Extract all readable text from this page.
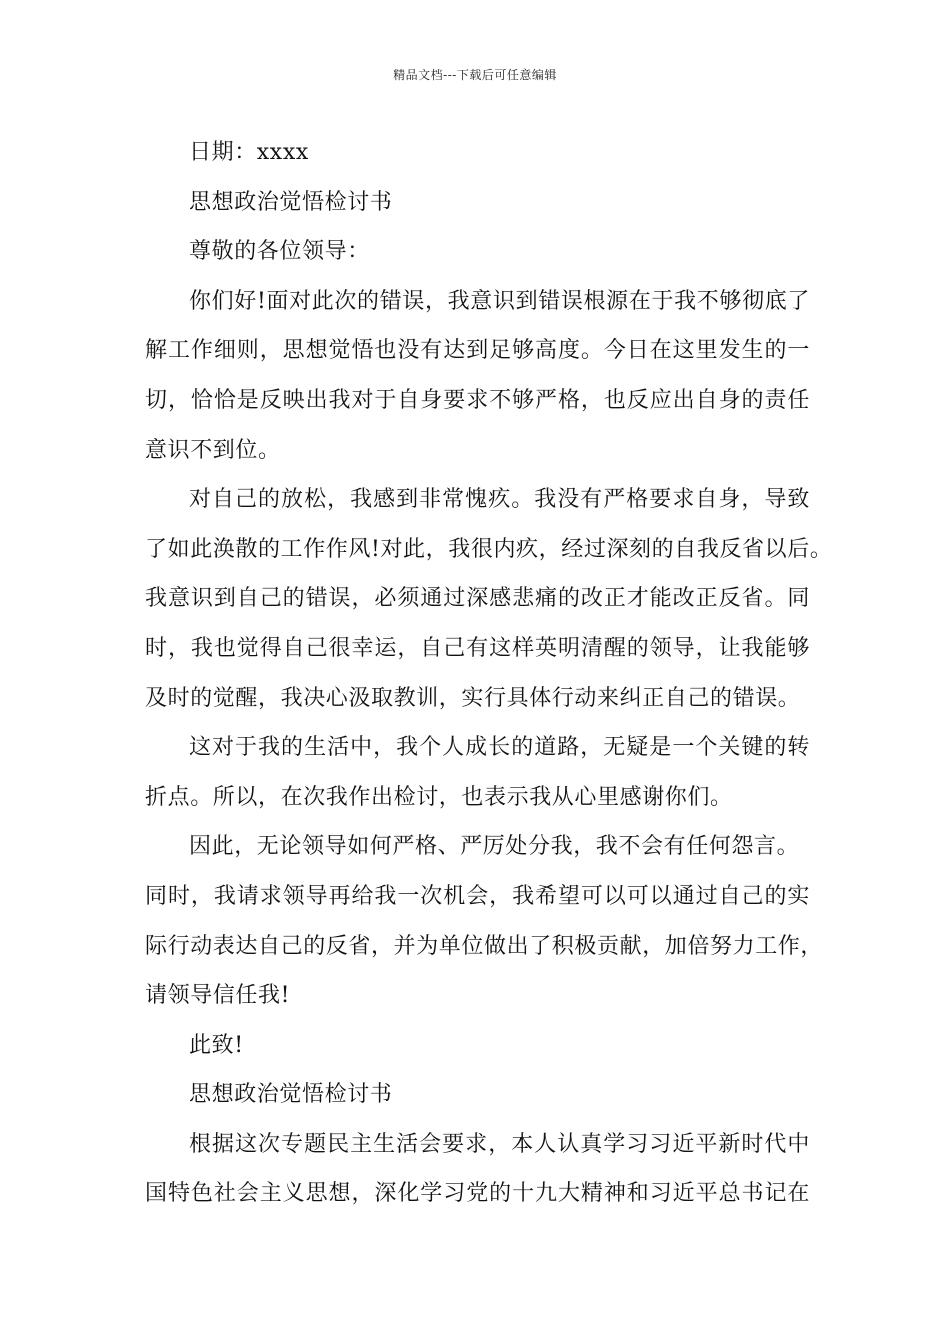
精品文档---下载后可任意编辑
日期：xxxx
思想政治觉悟检讨书
尊敬的各位领导：
你们好!面对此次的错误，我意识到错误根源在于我不够彻底了
解工作细则，思想觉悟也没有达到足够高度。今日在这里发生的一
切，恰恰是反映出我对于自身要求不够严格，也反应出自身的责任
意识不到位。
对自己的放松，我感到非常愧疚。我没有严格要求自身，导致
了如此涣散的工作作风!对此，我很内疚，经过深刻的自我反省以后。
我意识到自己的错误，必须通过深感悲痛的改正才能改正反省。同
时，我也觉得自己很幸运，自己有这样英明清醒的领导，让我能够
及时的觉醒，我决心汲取教训，实行具体行动来纠正自己的错误。
这对于我的生活中，我个人成长的道路，无疑是一个关键的转
折点。所以，在次我作出检讨，也表示我从心里感谢你们。
因此，无论领导如何严格、严厉处分我，我不会有任何怨言。
同时，我请求领导再给我一次机会，我希望可以可以通过自己的实
际行动表达自己的反省，并为单位做出了积极贡献，加倍努力工作，
请领导信任我!
此致!
思想政治觉悟检讨书
根据这次专题民主生活会要求，本人认真学习习近平新时代中
国特色社会主义思想，深化学习党的十九大精神和习近平总书记在
